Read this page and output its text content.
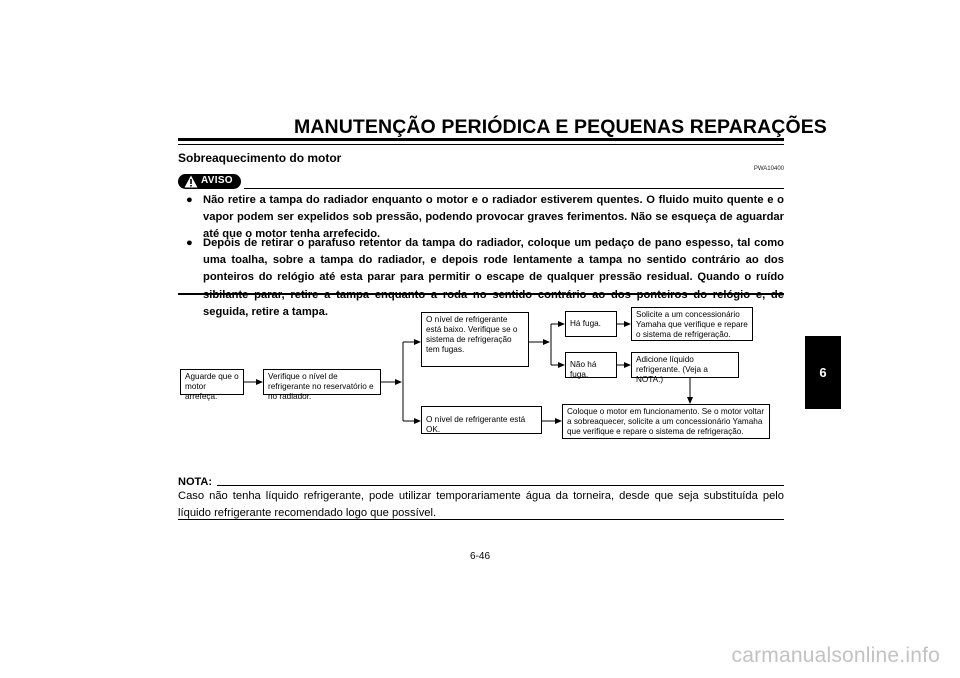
MANUTENÇÃO PERIÓDICA E PEQUENAS REPARAÇÕES
Sobreaquecimento do motor
PWA10400
AVISO
● Não retire a tampa do radiador enquanto o motor e o radiador estiverem quentes. O fluido muito quente e o vapor podem ser expelidos sob pressão, podendo provocar graves ferimentos. Não se esqueça de aguardar até que o motor tenha arrefecido.
● Depois de retirar o parafuso retentor da tampa do radiador, coloque um pedaço de pano espesso, tal como uma toalha, sobre a tampa do radiador, e depois rode lentamente a tampa no sentido contrário ao dos ponteiros do relógio até esta parar para permitir o escape de qualquer pressão residual. Quando o ruído seguida, retire a tampa.
Aguarde que o motor arrefeça.
Verifique o nível de refrigerante no reservatório e no radiador.
O nível de refrigerante está baixo. Verifique se o sistema de refrigeração tem fugas.
Há fuga.
Não há fuga.
Solicite a um concessionário Yamaha que verifique e repare o sistema de refrigeração.
Adicione líquido refrigerante. (Veja a NOTA.)
O nível de refrigerante está OK.
Coloque o motor em funcionamento. Se o motor voltar a sobreaquecer, solicite a um concessionário Yamaha que verifique e repare o sistema de refrigeração.
NOTA:
Caso não tenha líquido refrigerante, pode utilizar temporariamente água da torneira, desde que seja substituída pelo líquido refrigerante recomendado logo que possível.
6-46
6
carmanualsonline.info
